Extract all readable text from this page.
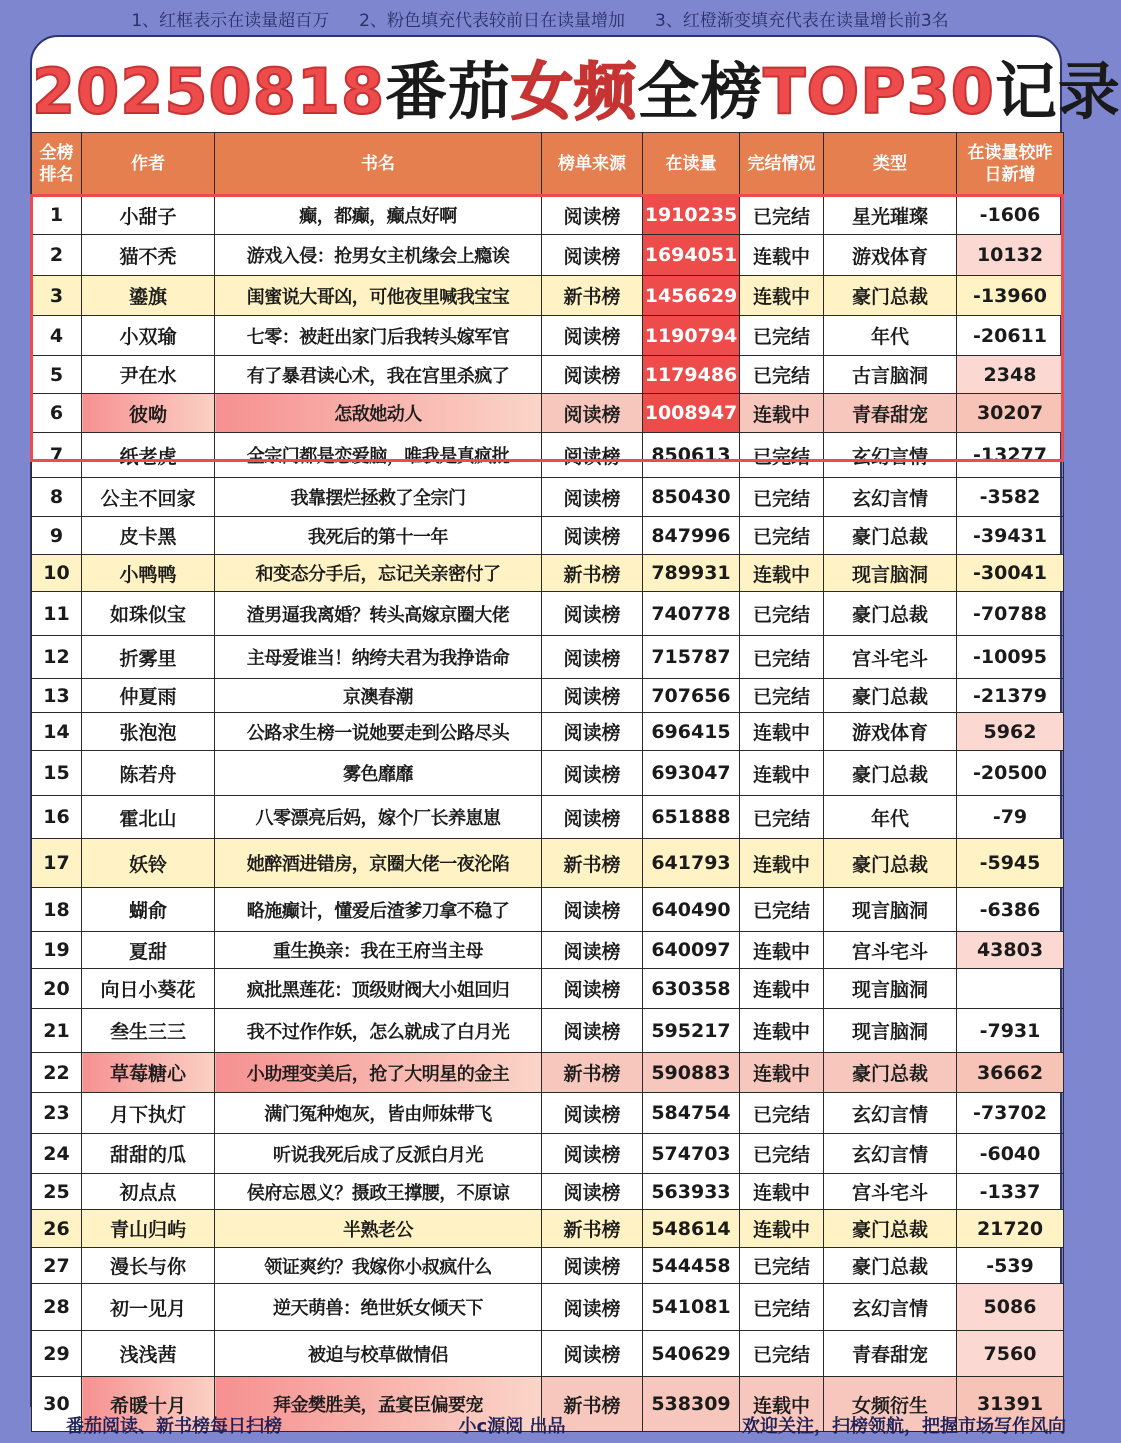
1、红框表示在读量超百万 2、粉色填充代表较前日在读量增加 3、红橙渐变填充代表在读量增长前3名
20250818番茄女频全榜TOP30记录
全榜排名	作者	书名	榜单来源	在读量	完结情况	类型	在读量较昨日新增
1	小甜子	癫，都癫，癫点好啊	阅读榜	1910235	已完结	星光璀璨	-1606
2	猫不秃	游戏入侵：抢男女主机缘会上瘾诶	阅读榜	1694051	连载中	游戏体育	10132
3	鎏旗	闺蜜说大哥凶，可他夜里喊我宝宝	新书榜	1456629	连载中	豪门总裁	-13960
4	小双瑜	七零：被赶出家门后我转头嫁军官	阅读榜	1190794	已完结	年代	-20611
5	尹在水	有了暴君读心术，我在宫里杀疯了	阅读榜	1179486	已完结	古言脑洞	2348
6	彼呦	怎敌她动人	阅读榜	1008947	连载中	青春甜宠	30207
7	纸老虎	全宗门都是恋爱脑，唯我是真疯批	阅读榜	850613	已完结	玄幻言情	-13277
8	公主不回家	我靠摆烂拯救了全宗门	阅读榜	850430	已完结	玄幻言情	-3582
9	皮卡黑	我死后的第十一年	阅读榜	847996	已完结	豪门总裁	-39431
10	小鸭鸭	和变态分手后，忘记关亲密付了	新书榜	789931	连载中	现言脑洞	-30041
11	如珠似宝	渣男逼我离婚？转头高嫁京圈大佬	阅读榜	740778	已完结	豪门总裁	-70788
12	折雾里	主母爱谁当！纳绔夫君为我挣诰命	阅读榜	715787	已完结	宫斗宅斗	-10095
13	仲夏雨	京澳春潮	阅读榜	707656	已完结	豪门总裁	-21379
14	张泡泡	公路求生榜一说她要走到公路尽头	阅读榜	696415	连载中	游戏体育	5962
15	陈若舟	雾色靡靡	阅读榜	693047	连载中	豪门总裁	-20500
16	霍北山	八零漂亮后妈，嫁个厂长养崽崽	阅读榜	651888	已完结	年代	-79
17	妖铃	她醉酒进错房，京圈大佬一夜沦陷	新书榜	641793	连载中	豪门总裁	-5945
18	蝴俞	略施癫计，懂爱后渣爹刀拿不稳了	阅读榜	640490	已完结	现言脑洞	-6386
19	夏甜	重生换亲：我在王府当主母	阅读榜	640097	连载中	宫斗宅斗	43803
20	向日小葵花	疯批黑莲花：顶级财阀大小姐回归	阅读榜	630358	连载中	现言脑洞	
21	叁生三三	我不过作作妖，怎么就成了白月光	阅读榜	595217	连载中	现言脑洞	-7931
22	草莓糖心	小助理变美后，抢了大明星的金主	新书榜	590883	连载中	豪门总裁	36662
23	月下执灯	满门冤种炮灰，皆由师妹带飞	阅读榜	584754	已完结	玄幻言情	-73702
24	甜甜的瓜	听说我死后成了反派白月光	阅读榜	574703	已完结	玄幻言情	-6040
25	初点点	侯府忘恩义？摄政王撑腰，不原谅	阅读榜	563933	连载中	宫斗宅斗	-1337
26	青山归屿	半熟老公	新书榜	548614	连载中	豪门总裁	21720
27	漫长与你	领证爽约？我嫁你小叔疯什么	阅读榜	544458	已完结	豪门总裁	-539
28	初一见月	逆天萌兽：绝世妖女倾天下	阅读榜	541081	已完结	玄幻言情	5086
29	浅浅茜	被迫与校草做情侣	阅读榜	540629	已完结	青春甜宠	7560
30	希暖十月	拜金樊胜美，孟宴臣偏要宠	新书榜	538309	连载中	女频衍生	31391
番茄阅读、新书榜每日扫榜	小c源阅 出品	欢迎关注，扫榜领航，把握市场写作风向
